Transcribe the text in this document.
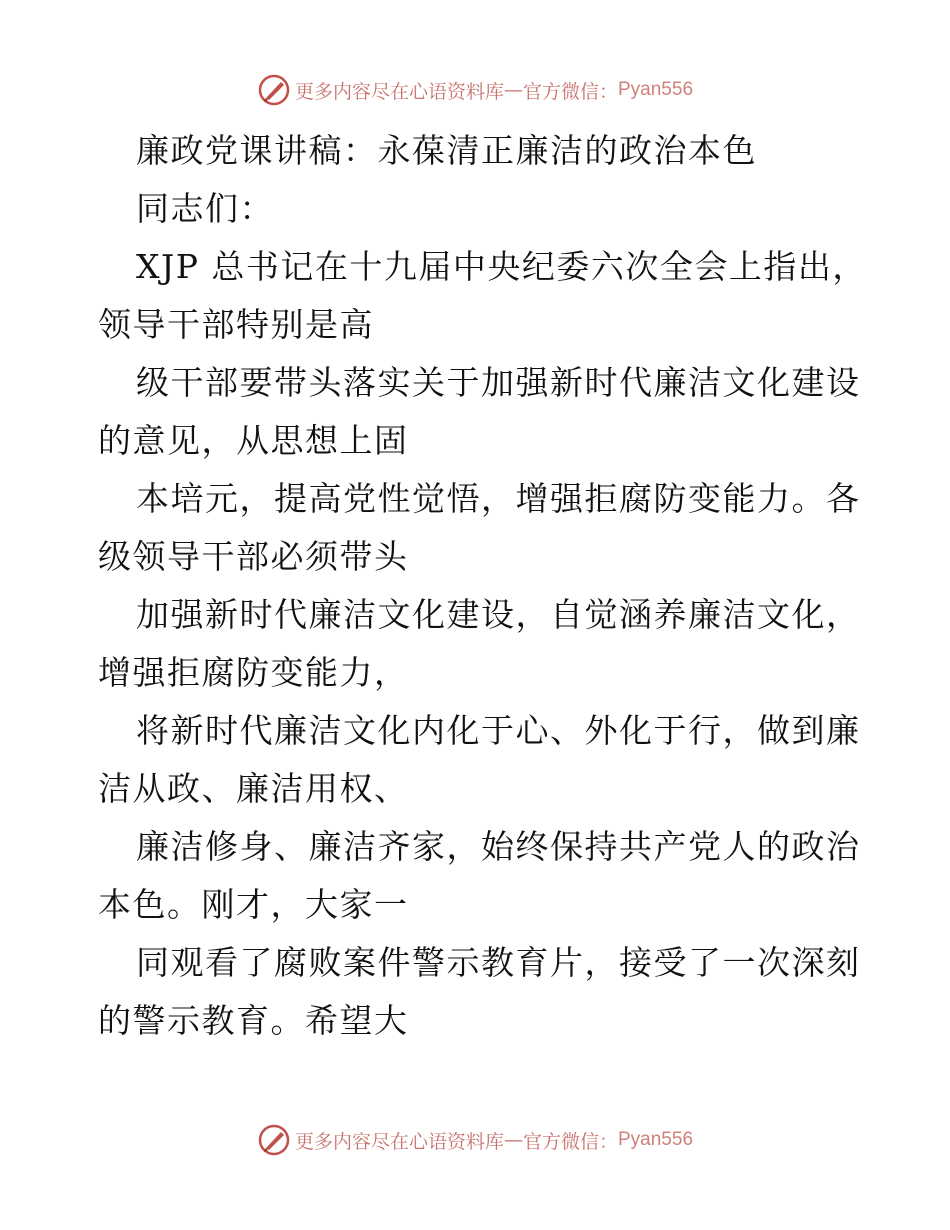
更多内容尽在心语资料库 — 官方微信： Pyan556
廉政党课讲稿：永葆清正廉洁的政治本色
同志们：
XJP 总书记在十九届中央纪委六次全会上指出，
领导干部特别是高
级干部要带头落实关于加强新时代廉洁文化建设
的意见，从思想上固
本培元，提高党性觉悟，增强拒腐防变能力。各
级领导干部必须带头
加强新时代廉洁文化建设，自觉涵养廉洁文化，
增强拒腐防变能力，
将新时代廉洁文化内化于心、外化于行，做到廉
洁从政、廉洁用权、
廉洁修身、廉洁齐家，始终保持共产党人的政治
本色。刚才，大家一
同观看了腐败案件警示教育片，接受了一次深刻
的警示教育。希望大
更多内容尽在心语资料库 — 官方微信： Pyan556
